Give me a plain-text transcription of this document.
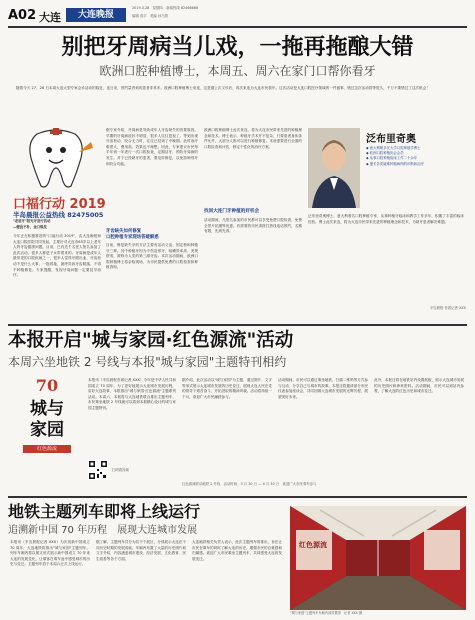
A02 大连	大连晚报
2019.3.28　星期四　新闻热线 82466666
编辑 高宇　美编 孙乃燕
别把牙周病当儿戏，一拖再拖酿大错
欧洲口腔种植博士，本周五、周六在家门口帮你看牙
随着今天 27、28 日本周大连大型专家会诊活动的临近，连日来，预约量咨询的患者非常多。欧洲口腔种植博士来连，这是继上次义诊后，再次来连为大连市民看牙。这次活动是大连口腔医疗领域的一件盛事，错过这次活动将等很久，千万不要错过了这次机会！
口福行动 2019
半岛晨报公益热线 82475005
"老爸牙"阳光牙爸行活动
—健齿不补，金口焕发
今年正在积极推进的"口福行动 2019"，由大连晚报和大连口腔医院共同发起，主要针对大连市65岁以上老年人的牙齿健康问题。目前，已有近千名老人报名参加了此次活动，很多人都是子女带着来的。牙周病是成年人最常见的口腔疾病之一，很多人觉得牙龈出血、牙齿松动不是什么大事，一拖再拖，最终导致牙齿脱落，不得不种植修复。专家提醒，发现牙周问题一定要及早治疗。
据专家介绍，牙周病是导致成年人牙齿缺失的首要原因。早期的牙周病症状不明显，很多人往往忽视了。等到出现牙齿松动、咬合无力时，往往已经到了中晚期。此时治疗难度大，费用高，效果也不理想。因此，专家建议市民每半年到一年进行一次口腔检查，定期洁牙，预防牙周病的发生。对于已经缺牙的患者，要及时修复，以免影响邻牙和咬合功能。
牙齿缺失如何修复
口腔种植专家现场答疑解惑
目前，修复缺失牙的方法主要有活动义齿、固定桥和种植牙三种。其中种植牙因为不伤及邻牙、咀嚼效率高、美观舒适，被称为人类的第三副牙齿。本次活动期间，欧洲口腔种植博士将亲临现场，为市民提供免费的口腔检查和种植咨询。
欧洲口腔种植博士此次来连，将为大连市民带来先进的种植理念和技术。博士表示，种植牙手术并不复杂，只要患者身体条件允许，大部分人都可以进行种植修复。术前需要进行全面的口腔检查和评估，制定个性化的治疗方案。
找回大连门牙种植的好机会
活动期间，凡报名参加的市民都可以享受免费口腔检查、免费全景片拍摄等优惠。有需要的市民请拨打热线电话预约，名额有限，先到先得。
泛布里奇奥
◆ 意大利帕多瓦大学口腔种植学博士
◆ 欧洲口腔种植协会会员
◆ 从事口腔种植临床工作二十余年
◆ 擅长各类疑难种植病例的诊断和治疗
泛布里奇奥博士，意大利著名口腔种植专家，从事种植牙临床和教学工作多年，积累了丰富的临床经验。博士此次来连，将为大连市民带来先进的种植理念和技术，为缺牙患者解决难题。
半岛晨报·首席记者 XXX
本报开启"城与家园·红色源流"活动
本周六坐地铁 2 号线与本报"城与家园"主题特刊相约
70
城与家园
红色源流
本报讯（半岛晨报首席记者 XXX）今年是中华人民共和国成立 70 周年，为了更好地展示大连城市发展历程，讲好大连故事，本报推出"城与家园·红色源流"主题系列活动。本周六，本报将与大连地铁联合推出主题列车，市民乘坐地铁 2 号线就可以看到本报精心设计的城与家园主题特刊。
扫码看视频
据介绍，此次活动以"城与家园"为主题，通过图片、文字等形式展示大连城市发展的历史变迁，展现大连人民在党的领导下艰苦奋斗、开拓进取的精神风貌。活动将持续一个月，欢迎广大市民踊跃参与。
活动期间，市民可以通过乘坐地铁、扫描二维码等方式参与互动，分享自己与城市的故事。本报还将邀请部分市民代表参加座谈会，共同回顾大连城市发展的光辉历程，展望美好未来。
此外，本报还将在地铁站内设置展板，展示大连城市发展的历史照片和珍贵资料。活动期间，市民可以到站内参观，了解大连的红色历史和城市变迁。
红色源流联动地铁 2 号线　活动时间：3 月 30 日 — 4 月 30 日　欢迎广大市民乘车参与
地铁主题列车即将上线运行
追溯新中国 70 年历程　展现大连城市发展
本报讯（半岛晨报记者 XXX）为庆祝新中国成立 70 周年，大连地铁将推出"城与家园"主题列车。列车车厢内将以图文形式展示新中国成立 70 年来大连的发展变化，让乘客在乘车途中感受城市的历史与变迁。主题列车将于本周六正式上线运行。
据了解，主题列车共分为若干个展区，分别展示大连在不同历史时期的发展成就。车厢内布置了大量的历史照片和文字介绍，内容涵盖城市建设、经济发展、文化教育、民生改善等各个方面。
大连地铁相关负责人表示，此次主题列车的推出，旨在让市民在乘车的同时了解大连的历史，增强市民的自豪感和归属感。欢迎广大市民乘坐主题列车，共同感受大连的发展变迁。
红色源流
"城与家园"主题列车车厢内部效果图　记者 XXX 摄
